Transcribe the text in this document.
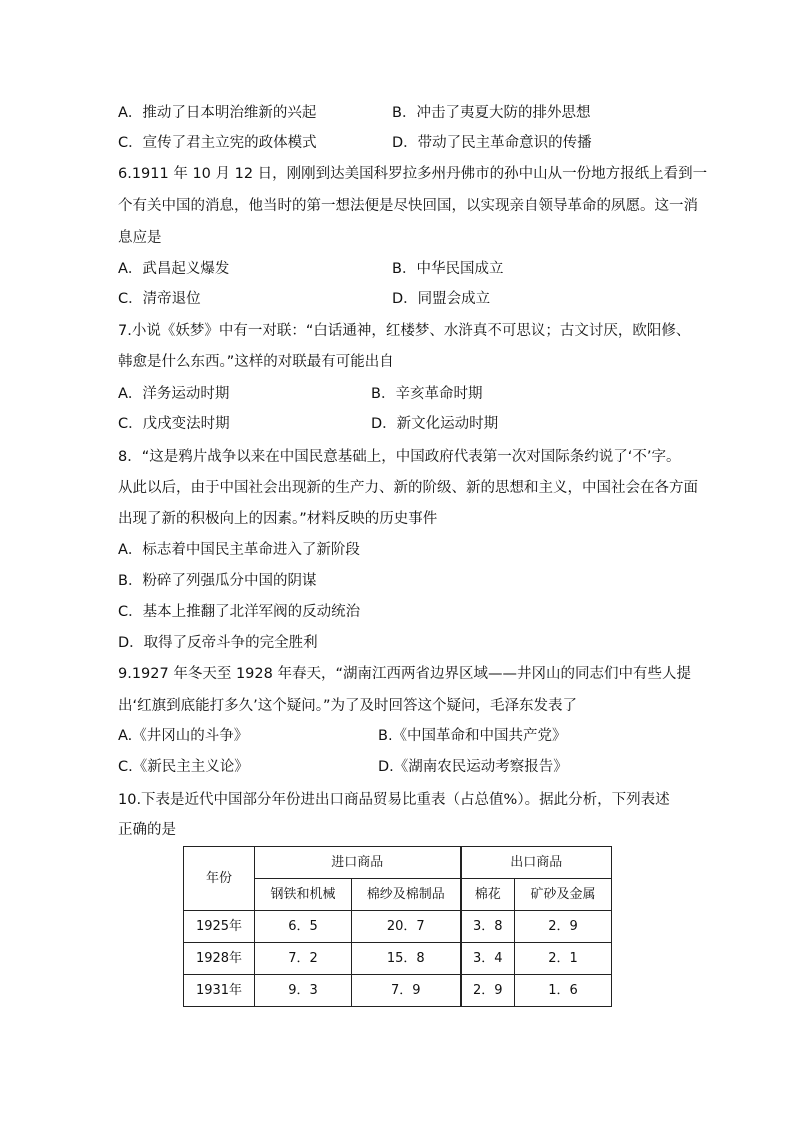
A．推动了日本明治维新的兴起	B．冲击了夷夏大防的排外思想
C．宣传了君主立宪的政体模式	D．带动了民主革命意识的传播
6.1911 年 10 月 12 日，刚刚到达美国科罗拉多州丹佛市的孙中山从一份地方报纸上看到一
个有关中国的消息，他当时的第一想法便是尽快回国，以实现亲自领导革命的夙愿。这一消
息应是
A．武昌起义爆发	B．中华民国成立
C．清帝退位	D．同盟会成立
7.小说《妖梦》中有一对联：“白话通神，红楼梦、水浒真不可思议；古文讨厌，欧阳修、
韩愈是什么东西。”这样的对联最有可能出自
A．洋务运动时期	B．辛亥革命时期
C．戊戌变法时期	D．新文化运动时期
8．“这是鸦片战争以来在中国民意基础上，中国政府代表第一次对国际条约说了‘不’字。
从此以后，由于中国社会出现新的生产力、新的阶级、新的思想和主义，中国社会在各方面
出现了新的积极向上的因素。”材料反映的历史事件
A．标志着中国民主革命进入了新阶段
B．粉碎了列强瓜分中国的阴谋
C．基本上推翻了北洋军阀的反动统治
D．取得了反帝斗争的完全胜利
9.1927 年冬天至 1928 年春天，“湖南江西两省边界区域——井冈山的同志们中有些人提
出‘红旗到底能打多久’这个疑问。”为了及时回答这个疑问，毛泽东发表了
A.《井冈山的斗争》	B.《中国革命和中国共产党》
C.《新民主主义论》	D.《湖南农民运动考察报告》
10.下表是近代中国部分年份进出口商品贸易比重表（占总值%）。据此分析，下列表述
正确的是
年份	进口商品		出口商品	
	钢铁和机械	棉纱及棉制品	棉花	矿砂及金属
1925年	6．5	20．7	3．8	2．9
1928年	7．2	15．8	3．4	2．1
1931年	9．3	7．9	2．9	1．6
